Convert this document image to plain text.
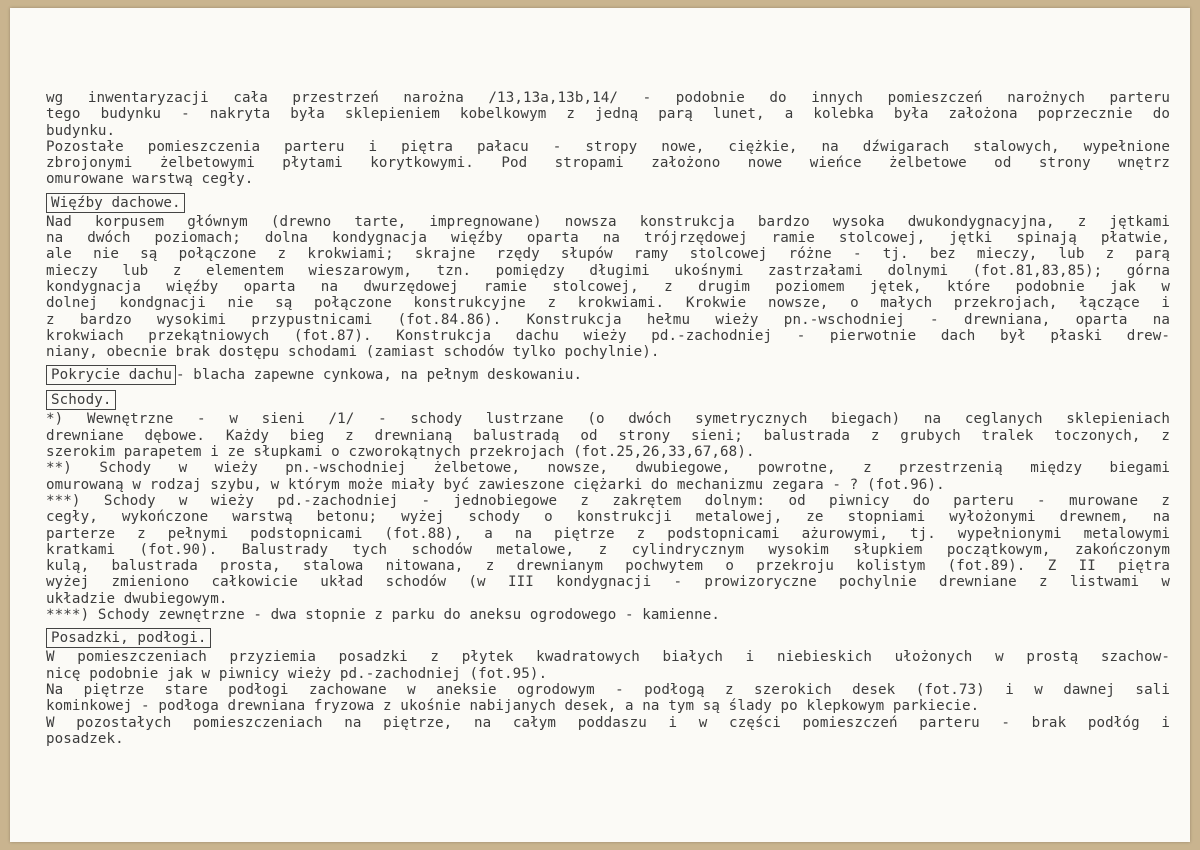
wg inwentaryzacji cała przestrzeń narożna /13,13a,13b,14/ - podobnie do innych pomieszczeń narożnych parteru
tego budynku - nakryta była sklepieniem kobelkowym z jedną parą lunet, a kolebka była założona poprzecznie do
budynku.
Pozostałe pomieszczenia parteru i piętra pałacu - stropy nowe, ciężkie, na dźwigarach stalowych, wypełnione
zbrojonymi żelbetowymi płytami korytkowymi. Pod stropami założono nowe wieńce żelbetowe od strony wnętrz
omurowane warstwą cegły.
Więźby dachowe.
Nad korpusem głównym (drewno tarte, impregnowane) nowsza konstrukcja bardzo wysoka dwukondygnacyjna, z jętkami
na dwóch poziomach; dolna kondygnacja więźby oparta na trójrzędowej ramie stolcowej, jętki spinają płatwie,
ale nie są połączone z krokwiami; skrajne rzędy słupów ramy stolcowej różne - tj. bez mieczy, lub z parą
mieczy lub z elementem wieszarowym, tzn. pomiędzy długimi ukośnymi zastrzałami dolnymi (fot.81,83,85); górna
kondygnacja więźby oparta na dwurzędowej ramie stolcowej, z drugim poziomem jętek, które podobnie jak w
dolnej kondgnacji nie są połączone konstrukcyjne z krokwiami. Krokwie nowsze, o małych przekrojach, łączące i
z bardzo wysokimi przypustnicami (fot.84.86). Konstrukcja hełmu wieży pn.-wschodniej - drewniana, oparta na
krokwiach przekątniowych (fot.87). Konstrukcja dachu wieży pd.-zachodniej - pierwotnie dach był płaski drew-
niany, obecnie brak dostępu schodami (zamiast schodów tylko pochylnie).
Pokrycie dachu - blacha zapewne cynkowa, na pełnym deskowaniu.
Schody.
*) Wewnętrzne - w sieni /1/ - schody lustrzane (o dwóch symetrycznych biegach) na ceglanych sklepieniach
drewniane dębowe. Każdy bieg z drewnianą balustradą od strony sieni; balustrada z grubych tralek toczonych, z
szerokim parapetem i ze słupkami o czworokątnych przekrojach (fot.25,26,33,67,68).
**) Schody w wieży pn.-wschodniej żelbetowe, nowsze, dwubiegowe, powrotne, z przestrzenią między biegami
omurowaną w rodzaj szybu, w którym może miały być zawieszone ciężarki do mechanizmu zegara - ? (fot.96).
***) Schody w wieży pd.-zachodniej - jednobiegowe z zakrętem dolnym: od piwnicy do parteru - murowane z
cegły, wykończone warstwą betonu; wyżej schody o konstrukcji metalowej, ze stopniami wyłożonymi drewnem, na
parterze z pełnymi podstopnicami (fot.88), a na piętrze z podstopnicami ażurowymi, tj. wypełnionymi metalowymi
kratkami (fot.90). Balustrady tych schodów metalowe, z cylindrycznym wysokim słupkiem początkowym, zakończonym
kulą, balustrada prosta, stalowa nitowana, z drewnianym pochwytem o przekroju kolistym (fot.89). Z II piętra
wyżej zmieniono całkowicie układ schodów (w III kondygnacji - prowizoryczne pochylnie drewniane z listwami w
układzie dwubiegowym.
****) Schody zewnętrzne - dwa stopnie z parku do aneksu ogrodowego - kamienne.
Posadzki, podłogi.
W pomieszczeniach przyziemia posadzki z płytek kwadratowych białych i niebieskich ułożonych w prostą szachow-
nicę podobnie jak w piwnicy wieży pd.-zachodniej (fot.95).
Na piętrze stare podłogi zachowane w aneksie ogrodowym - podłogą z szerokich desek (fot.73) i w dawnej sali
kominkowej - podłoga drewniana fryzowa z ukośnie nabijanych desek, a na tym są ślady po klepkowym parkiecie.
W pozostałych pomieszczeniach na piętrze, na całym poddaszu i w części pomieszczeń parteru - brak podłóg i
posadzek.
